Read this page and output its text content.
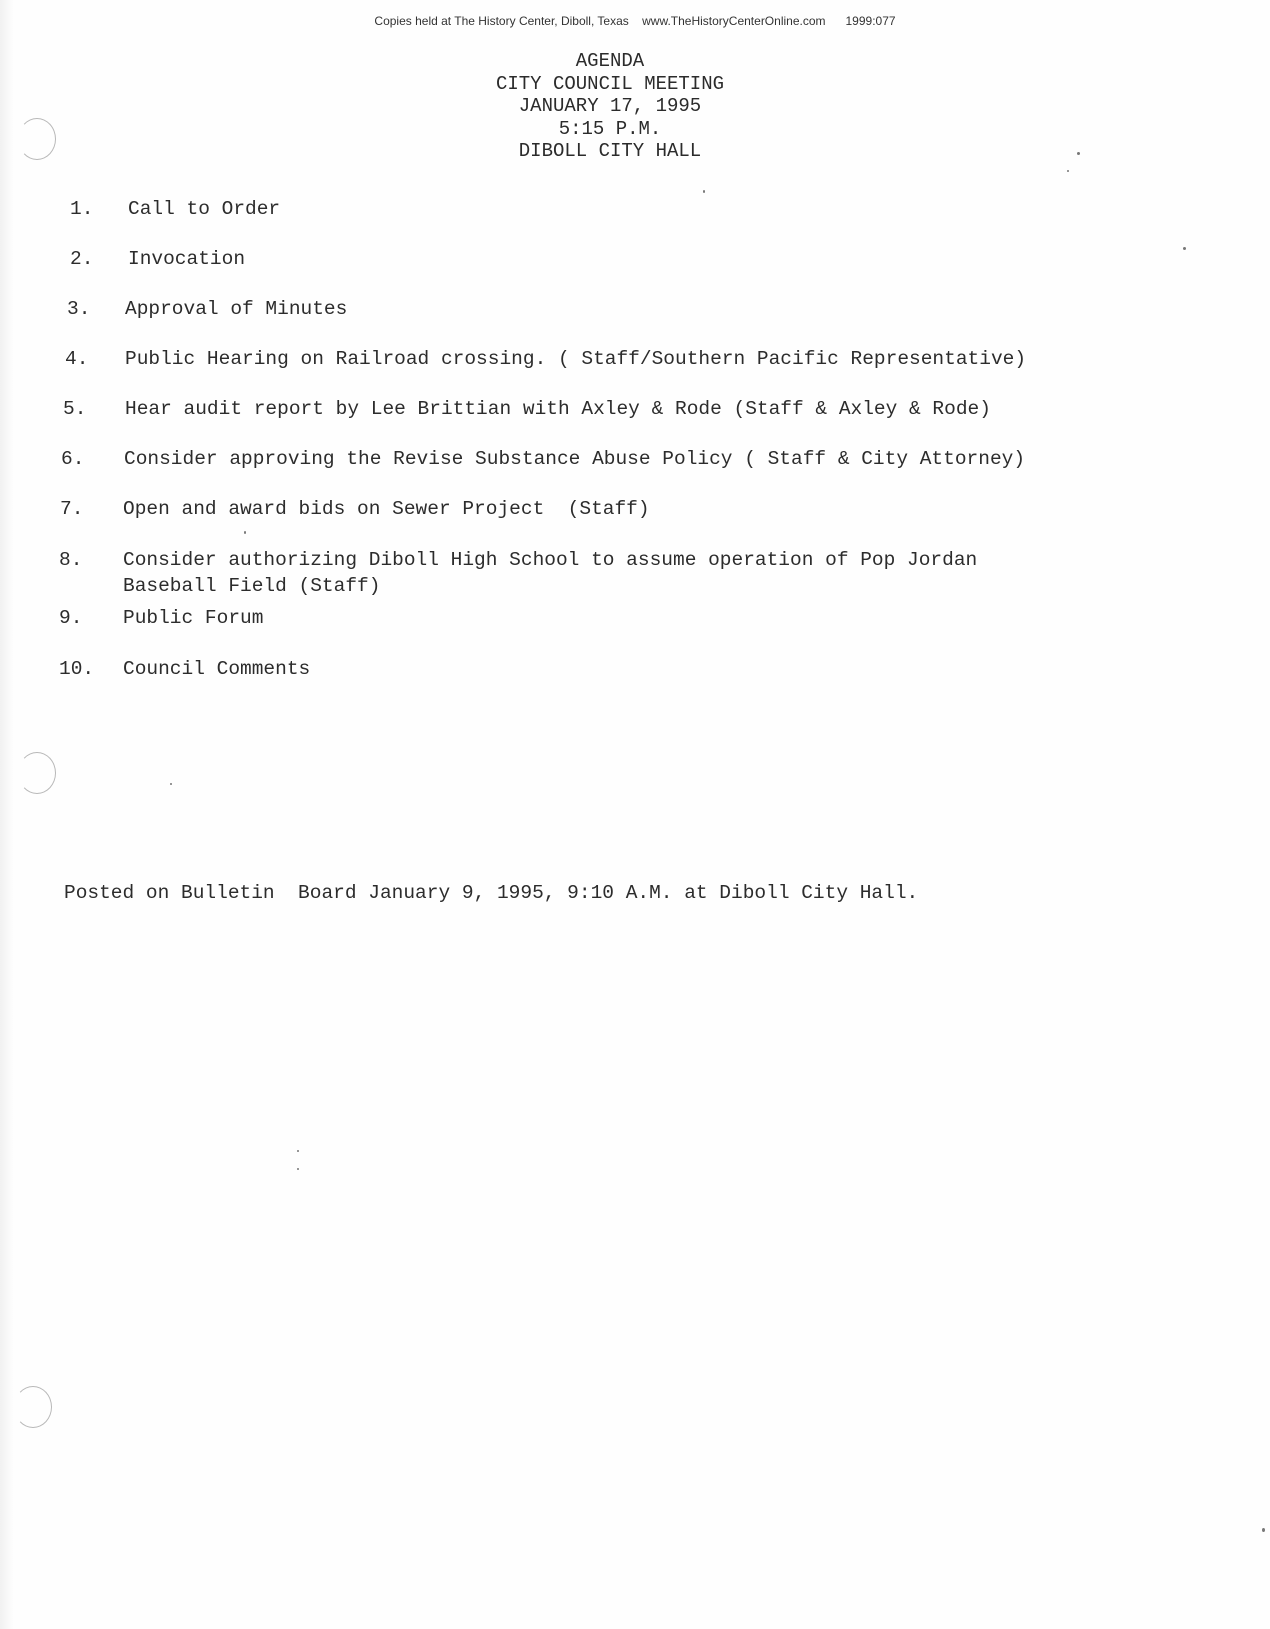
Copies held at The History Center, Diboll, Texas    www.TheHistoryCenterOnline.com      1999:077
AGENDA
CITY COUNCIL MEETING
JANUARY 17, 1995
5:15 P.M.
DIBOLL CITY HALL

1.

Call to Order

2.

Invocation

3.

Approval of Minutes

4.

Public Hearing on Railroad crossing. ( Staff/Southern Pacific Representative)

5.

Hear audit report by Lee Brittian with Axley & Rode (Staff & Axley & Rode)

6.

Consider approving the Revise Substance Abuse Policy ( Staff & City Attorney)

7.

Open and award bids on Sewer Project  (Staff)

8.

Consider authorizing Diboll High School to assume operation of Pop Jordan

Baseball Field (Staff)

9.

Public Forum

10.

Council Comments

Posted on Bulletin  Board January 9, 1995, 9:10 A.M. at Diboll City Hall.
